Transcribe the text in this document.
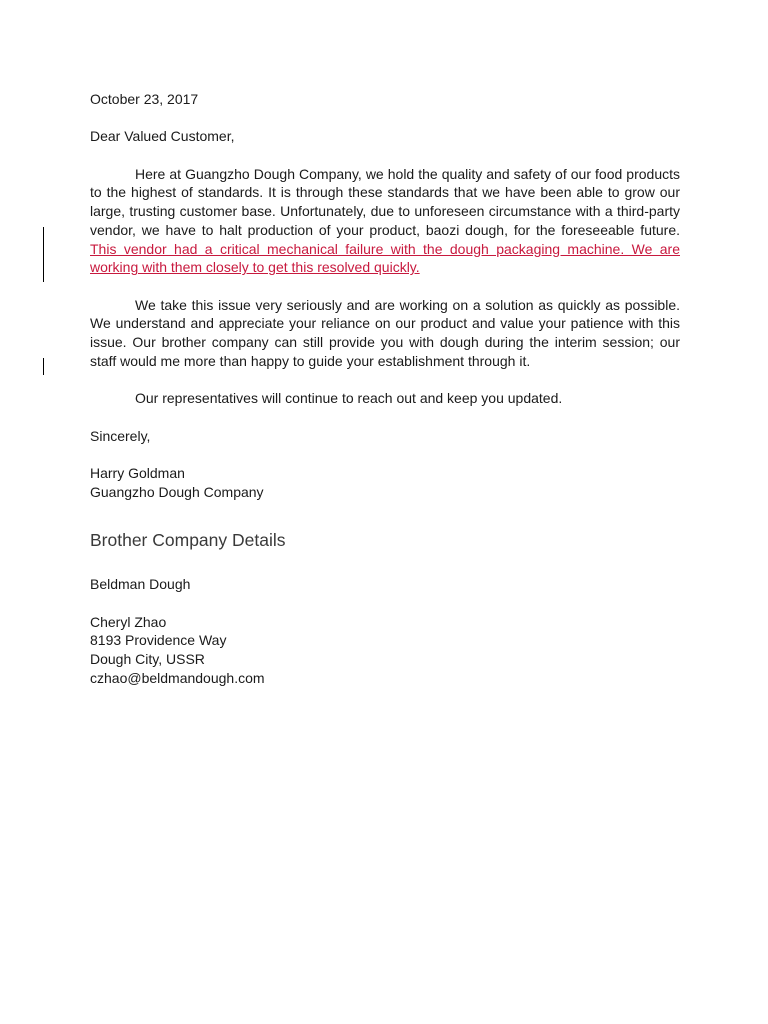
October 23, 2017

Dear Valued Customer,

Here at Guangzho Dough Company, we hold the quality and safety of our food products to the highest of standards. It is through these standards that we have been able to grow our large, trusting customer base. Unfortunately, due to unforeseen circumstance with a third-party vendor, we have to halt production of your product, baozi dough, for the foreseeable future. This vendor had a critical mechanical failure with the dough packaging machine. We are working with them closely to get this resolved quickly.

We take this issue very seriously and are working on a solution as quickly as possible. We understand and appreciate your reliance on our product and value your patience with this issue. Our brother company can still provide you with dough during the interim session; our staff would me more than happy to guide your establishment through it.

Our representatives will continue to reach out and keep you updated.

Sincerely,

Harry Goldman

Guangzho Dough Company

Brother Company Details

Beldman Dough

Cheryl Zhao

8193 Providence Way

Dough City, USSR

czhao@beldmandough.com
